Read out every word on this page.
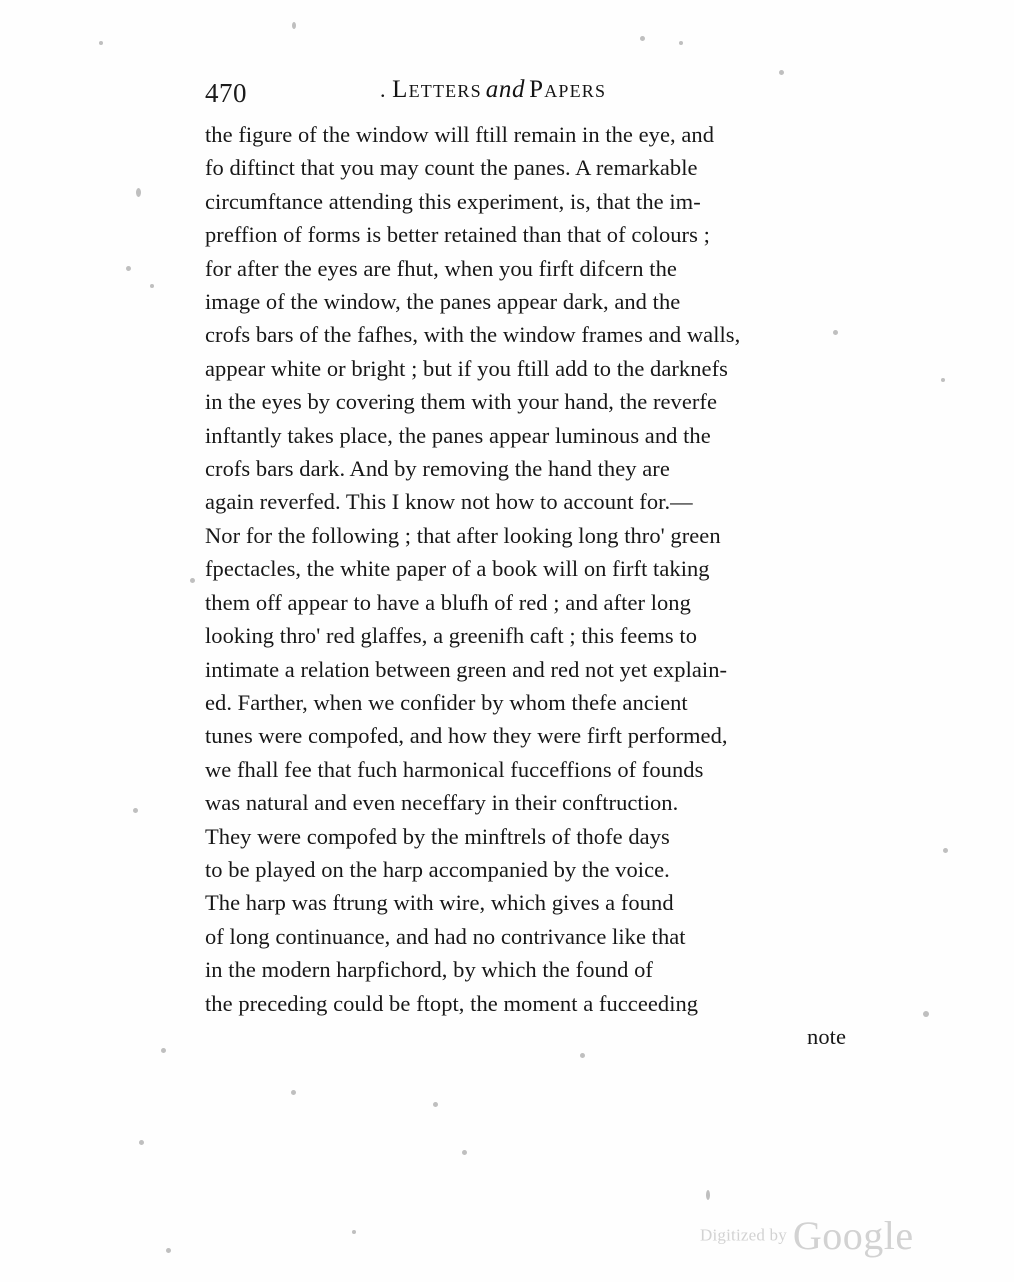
470	. Letters and Papers
the figure of the window will ftill remain in the eye, and
fo diftinct that you may count the panes. A remarkable
circumftance attending this experiment, is, that the im-
preffion of forms is better retained than that of colours ;
for after the eyes are fhut, when you firft difcern the
image of the window, the panes appear dark, and the
crofs bars of the fafhes, with the window frames and walls,
appear white or bright ; but if you ftill add to the darknefs
in the eyes by covering them with your hand, the reverfe
inftantly takes place, the panes appear luminous and the
crofs bars dark. And by removing the hand they are
again reverfed. This I know not how to account for.—
Nor for the following ; that after looking long thro' green
fpectacles, the white paper of a book will on firft taking
them off appear to have a blufh of red ; and after long
looking thro' red glaffes, a greenifh caft ; this feems to
intimate a relation between green and red not yet explain-
ed. Farther, when we confider by whom thefe ancient
tunes were compofed, and how they were firft performed,
we fhall fee that fuch harmonical fucceffions of founds
was natural and even neceffary in their conftruction.
They were compofed by the minftrels of thofe days
to be played on the harp accompanied by the voice.
The harp was ftrung with wire, which gives a found
of long continuance, and had no contrivance like that
in the modern harpfichord, by which the found of
the preceding could be ftopt, the moment a fucceeding
note
Digitized by Google
